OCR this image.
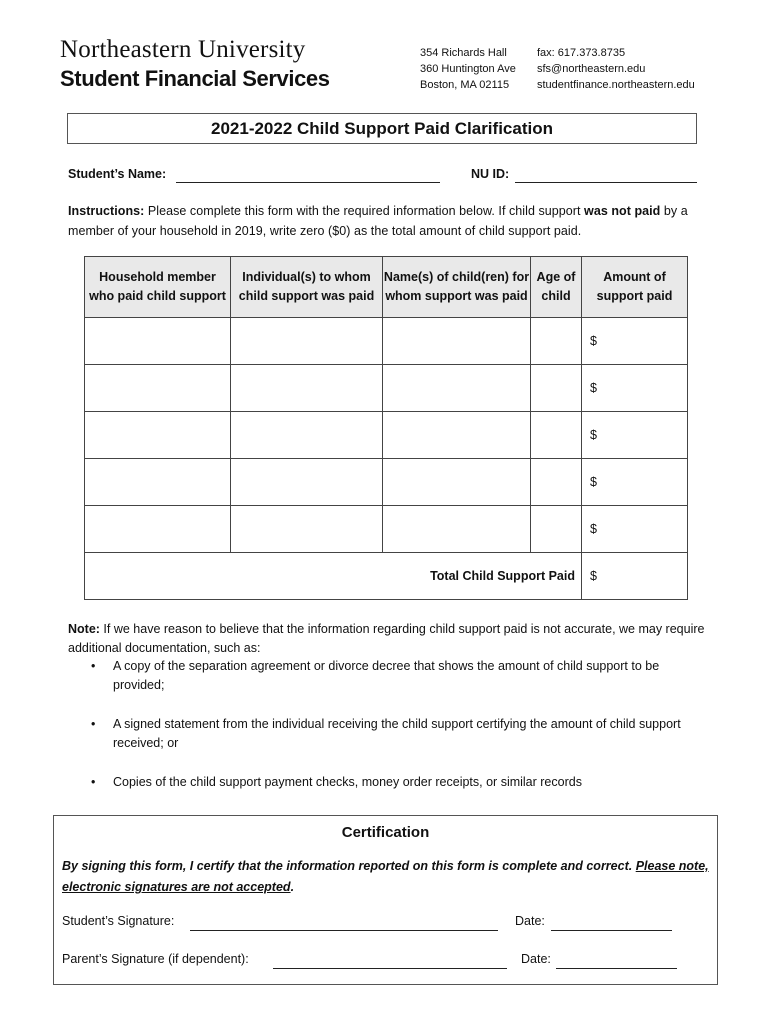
Northeastern University
Student Financial Services
354 Richards Hall
360 Huntington Ave
Boston, MA 02115
fax: 617.373.8735
sfs@northeastern.edu
studentfinance.northeastern.edu
2021-2022 Child Support Paid Clarification
Student’s Name:	NU ID:
Instructions: Please complete this form with the required information below. If child support was not paid by a member of your household in 2019, write zero ($0) as the total amount of child support paid.
Household member who paid child support	Individual(s) to whom child support was paid	Name(s) of child(ren) for whom support was paid	Age of child	Amount of support paid
				$
				$
				$
				$
				$
Total Child Support Paid				$
Note: If we have reason to believe that the information regarding child support paid is not accurate, we may require additional documentation, such as:
• A copy of the separation agreement or divorce decree that shows the amount of child support to be provided;
• A signed statement from the individual receiving the child support certifying the amount of child support received; or
• Copies of the child support payment checks, money order receipts, or similar records
Certification
By signing this form, I certify that the information reported on this form is complete and correct. Please note, electronic signatures are not accepted.
Student’s Signature:	Date:
Parent’s Signature (if dependent):	Date:
